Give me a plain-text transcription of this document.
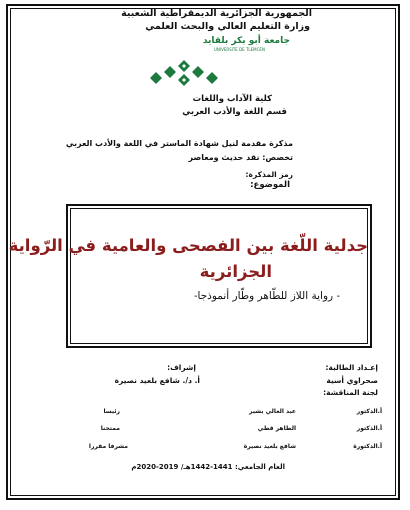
الجمهورية الجزائرية الديمقراطية الشعبية
وزارة التعليم العالي والبحث العلمي
جامعة أبو بكر بلقايد
UNIVERSITE DE TLEMCEN
كلية الآداب واللغات
قسم اللغة والأدب العربي
مذكرة مقدمة لنيل شهادة الماستر في اللغة والأدب العربي
تخصص: نقد حديث ومعاصر
رمز المذكرة:
الموضوع:
جدلية اللّغة بين الفصحى والعامية في الرّواية
الجزائرية
- رواية اللاز للطّاهر وطّار أنموذجا-
إعـداد الطالبة:
إشراف:
صحراوي أسية
أ. د/. شافع بلعيد نصيرة
لجنة المناقشة:
أ.الدكتور
عبد العالي بشير
رئيسا
أ.الدكتور
الطاهر قطي
ممتحنا
أ.الدكتورة
شافع بلعيد نصيرة
مشرفا مقررا
العام الجامعي: 1441-1442هـ/ 2019-2020م
